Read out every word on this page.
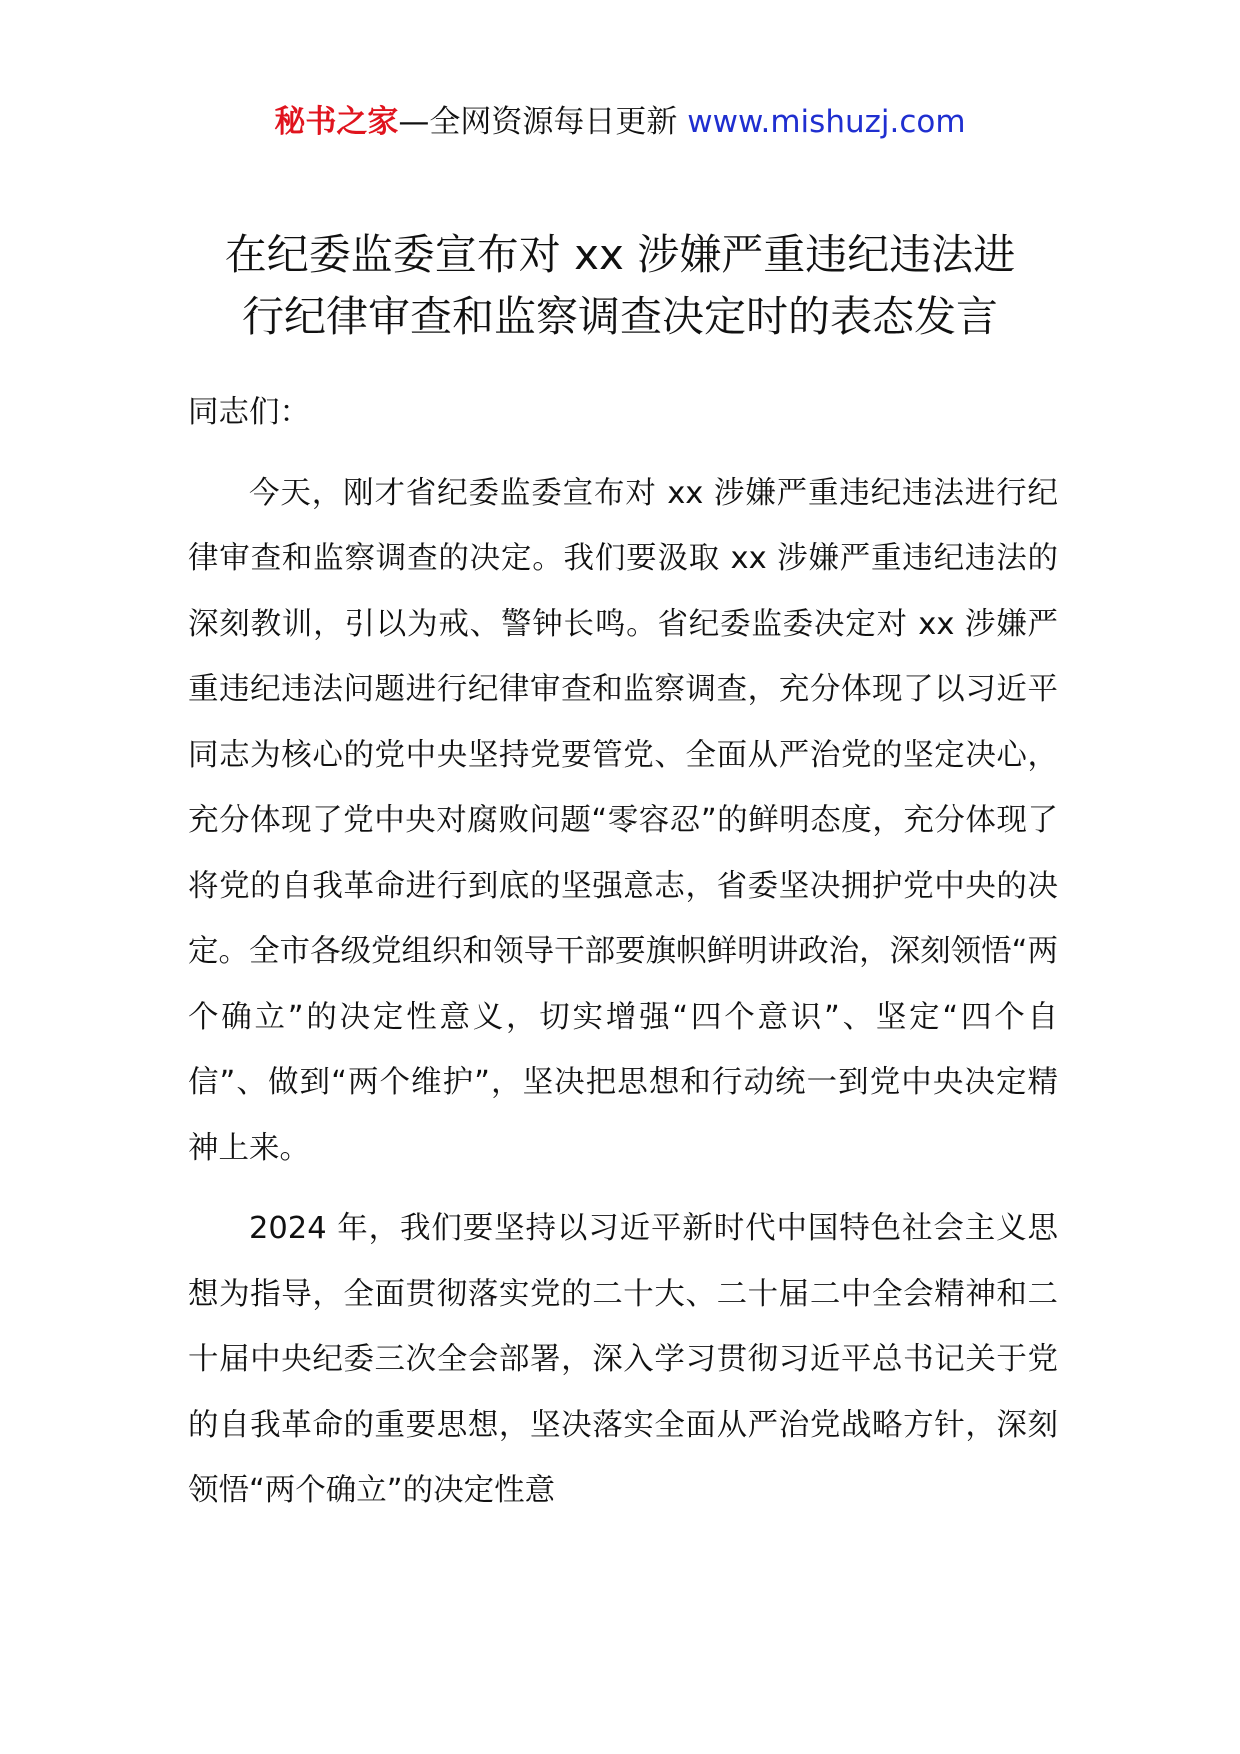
秘书之家—全网资源每日更新 www.mishuzj.com
在纪委监委宣布对 xx 涉嫌严重违纪违法进
行纪律审查和监察调查决定时的表态发言

同志们：

今天，刚才省纪委监委宣布对 xx 涉嫌严重违纪违法进行纪律审查和监察调查的决定。我们要汲取 xx 涉嫌严重违纪违法的深刻教训，引以为戒、警钟长鸣。省纪委监委决定对 xx 涉嫌严重违纪违法问题进行纪律审查和监察调查，充分体现了以习近平同志为核心的党中央坚持党要管党、全面从严治党的坚定决心，充分体现了党中央对腐败问题“零容忍”的鲜明态度，充分体现了将党的自我革命进行到底的坚强意志，省委坚决拥护党中央的决定。全市各级党组织和领导干部要旗帜鲜明讲政治，深刻领悟“两个确立”的决定性意义，切实增强“四个意识”、坚定“四个自信”、做到“两个维护”，坚决把思想和行动统一到党中央决定精神上来。

2024 年，我们要坚持以习近平新时代中国特色社会主义思想为指导，全面贯彻落实党的二十大、二十届二中全会精神和二十届中央纪委三次全会部署，深入学习贯彻习近平总书记关于党的自我革命的重要思想，坚决落实全面从严治党战略方针，深刻领悟“两个确立”的决定性意
